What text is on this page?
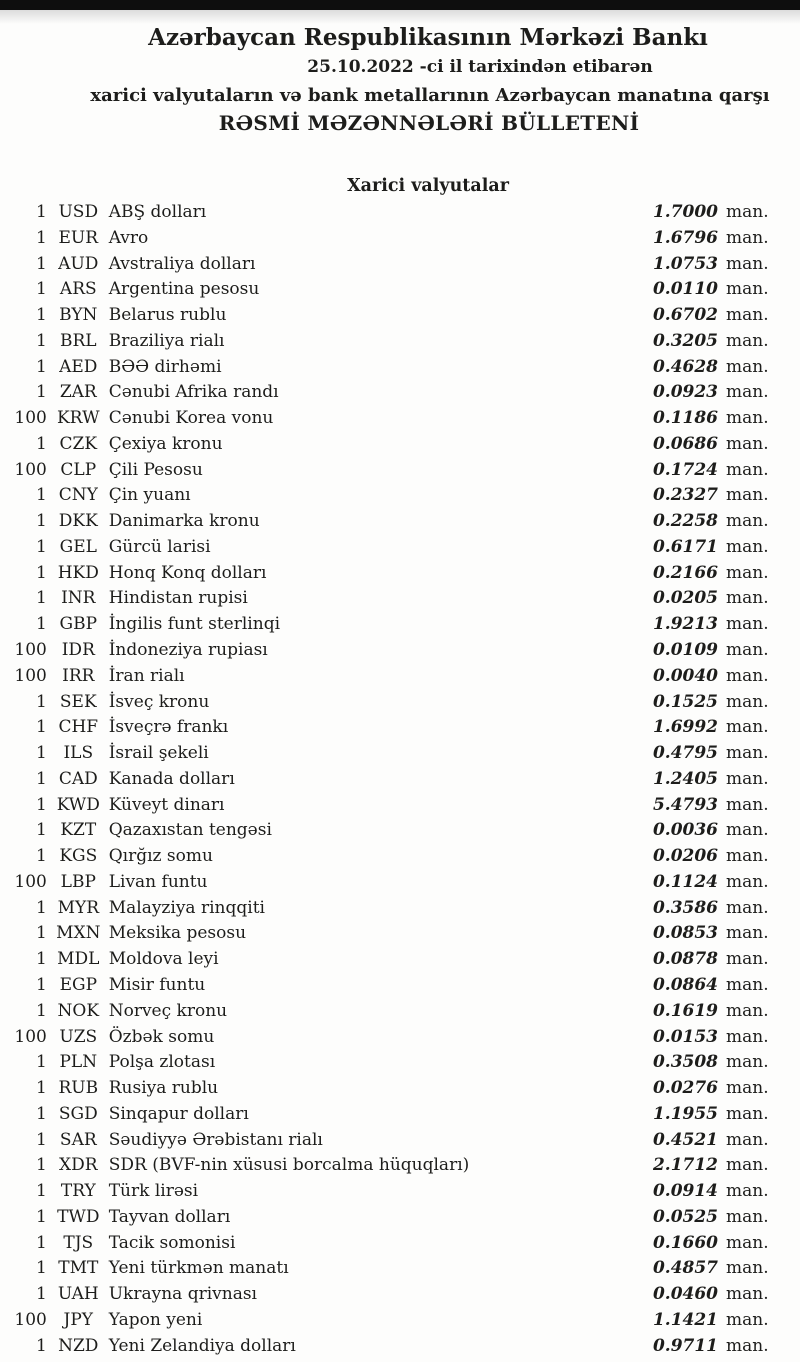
Azərbaycan Respublikasının Mərkəzi Bankı
25.10.2022 -ci il tarixindən etibarən
xarici valyutaların və bank metallarının Azərbaycan manatına qarşı
RƏSMİ MƏZƏNNƏLƏRİ BÜLLETENİ
Xarici valyutalar
1 USD ABŞ dolları	1.7000 man.
1 EUR Avro	1.6796 man.
1 AUD Avstraliya dolları	1.0753 man.
1 ARS Argentina pesosu	0.0110 man.
1 BYN Belarus rublu	0.6702 man.
1 BRL Braziliya rialı	0.3205 man.
1 AED BƏƏ dirhəmi	0.4628 man.
1 ZAR Cənubi Afrika randı	0.0923 man.
100 KRW Cənubi Korea vonu	0.1186 man.
1 CZK Çexiya kronu	0.0686 man.
100 CLP Çili Pesosu	0.1724 man.
1 CNY Çin yuanı	0.2327 man.
1 DKK Danimarka kronu	0.2258 man.
1 GEL Gürcü larisi	0.6171 man.
1 HKD Honq Konq dolları	0.2166 man.
1 INR Hindistan rupisi	0.0205 man.
1 GBP İngilis funt sterlinqi	1.9213 man.
100 IDR İndoneziya rupiası	0.0109 man.
100 IRR İran rialı	0.0040 man.
1 SEK İsveç kronu	0.1525 man.
1 CHF İsveçrə frankı	1.6992 man.
1 ILS İsrail şekeli	0.4795 man.
1 CAD Kanada dolları	1.2405 man.
1 KWD Küveyt dinarı	5.4793 man.
1 KZT Qazaxıstan tengəsi	0.0036 man.
1 KGS Qırğız somu	0.0206 man.
100 LBP Livan funtu	0.1124 man.
1 MYR Malayziya rinqqiti	0.3586 man.
1 MXN Meksika pesosu	0.0853 man.
1 MDL Moldova leyi	0.0878 man.
1 EGP Misir funtu	0.0864 man.
1 NOK Norveç kronu	0.1619 man.
100 UZS Özbək somu	0.0153 man.
1 PLN Polşa zlotası	0.3508 man.
1 RUB Rusiya rublu	0.0276 man.
1 SGD Sinqapur dolları	1.1955 man.
1 SAR Səudiyyə Ərəbistanı rialı	0.4521 man.
1 XDR SDR (BVF-nin xüsusi borcalma hüquqları)	2.1712 man.
1 TRY Türk lirəsi	0.0914 man.
1 TWD Tayvan dolları	0.0525 man.
1 TJS Tacik somonisi	0.1660 man.
1 TMT Yeni türkmən manatı	0.4857 man.
1 UAH Ukrayna qrivnası	0.0460 man.
100 JPY Yapon yeni	1.1421 man.
1 NZD Yeni Zelandiya dolları	0.9711 man.
